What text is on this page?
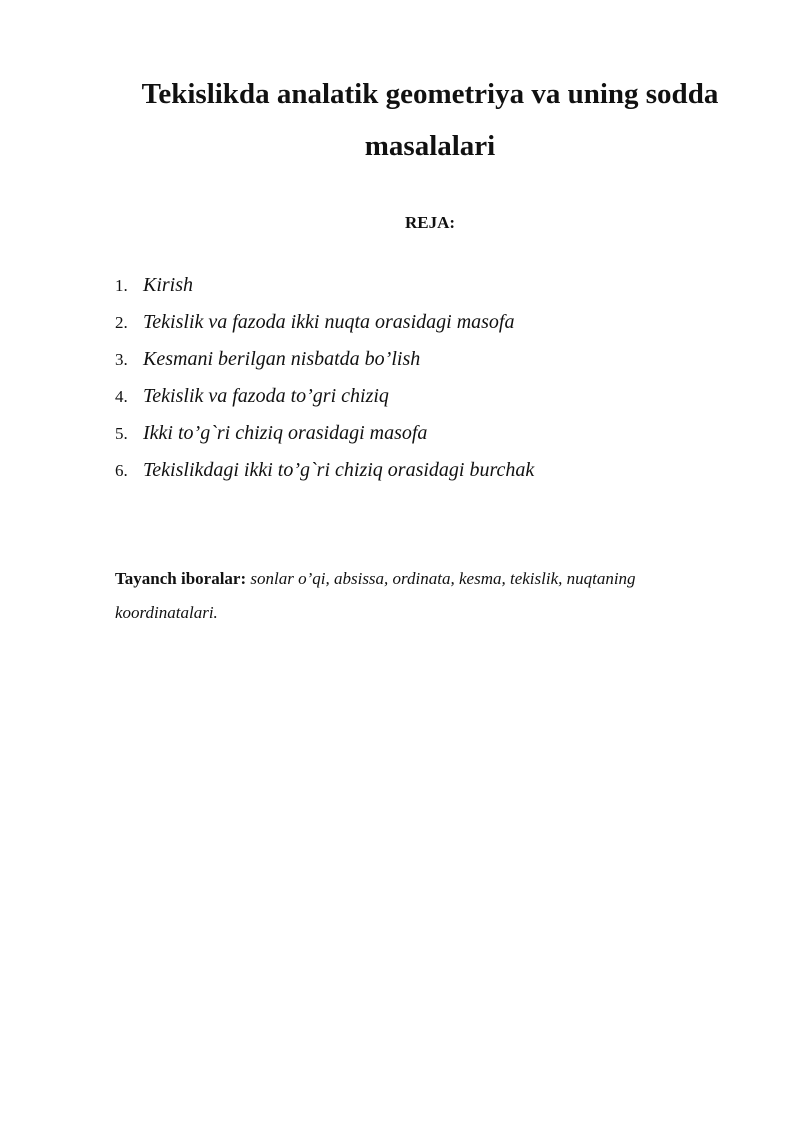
Tekislikda analatik geometriya va uning sodda
masalalari
REJA:
1. Kirish
2. Tekislik va fazoda ikki nuqta orasidagi masofa
3. Kesmani berilgan nisbatda bo’lish
4. Tekislik va fazoda to’gri chiziq
5. Ikki to’g`ri chiziq orasidagi masofa
6. Tekislikdagi ikki to’g`ri chiziq orasidagi burchak

Tayanch iboralar: sonlar o’qi, absissa, ordinata, kesma, tekislik, nuqtaning koordinatalari.
